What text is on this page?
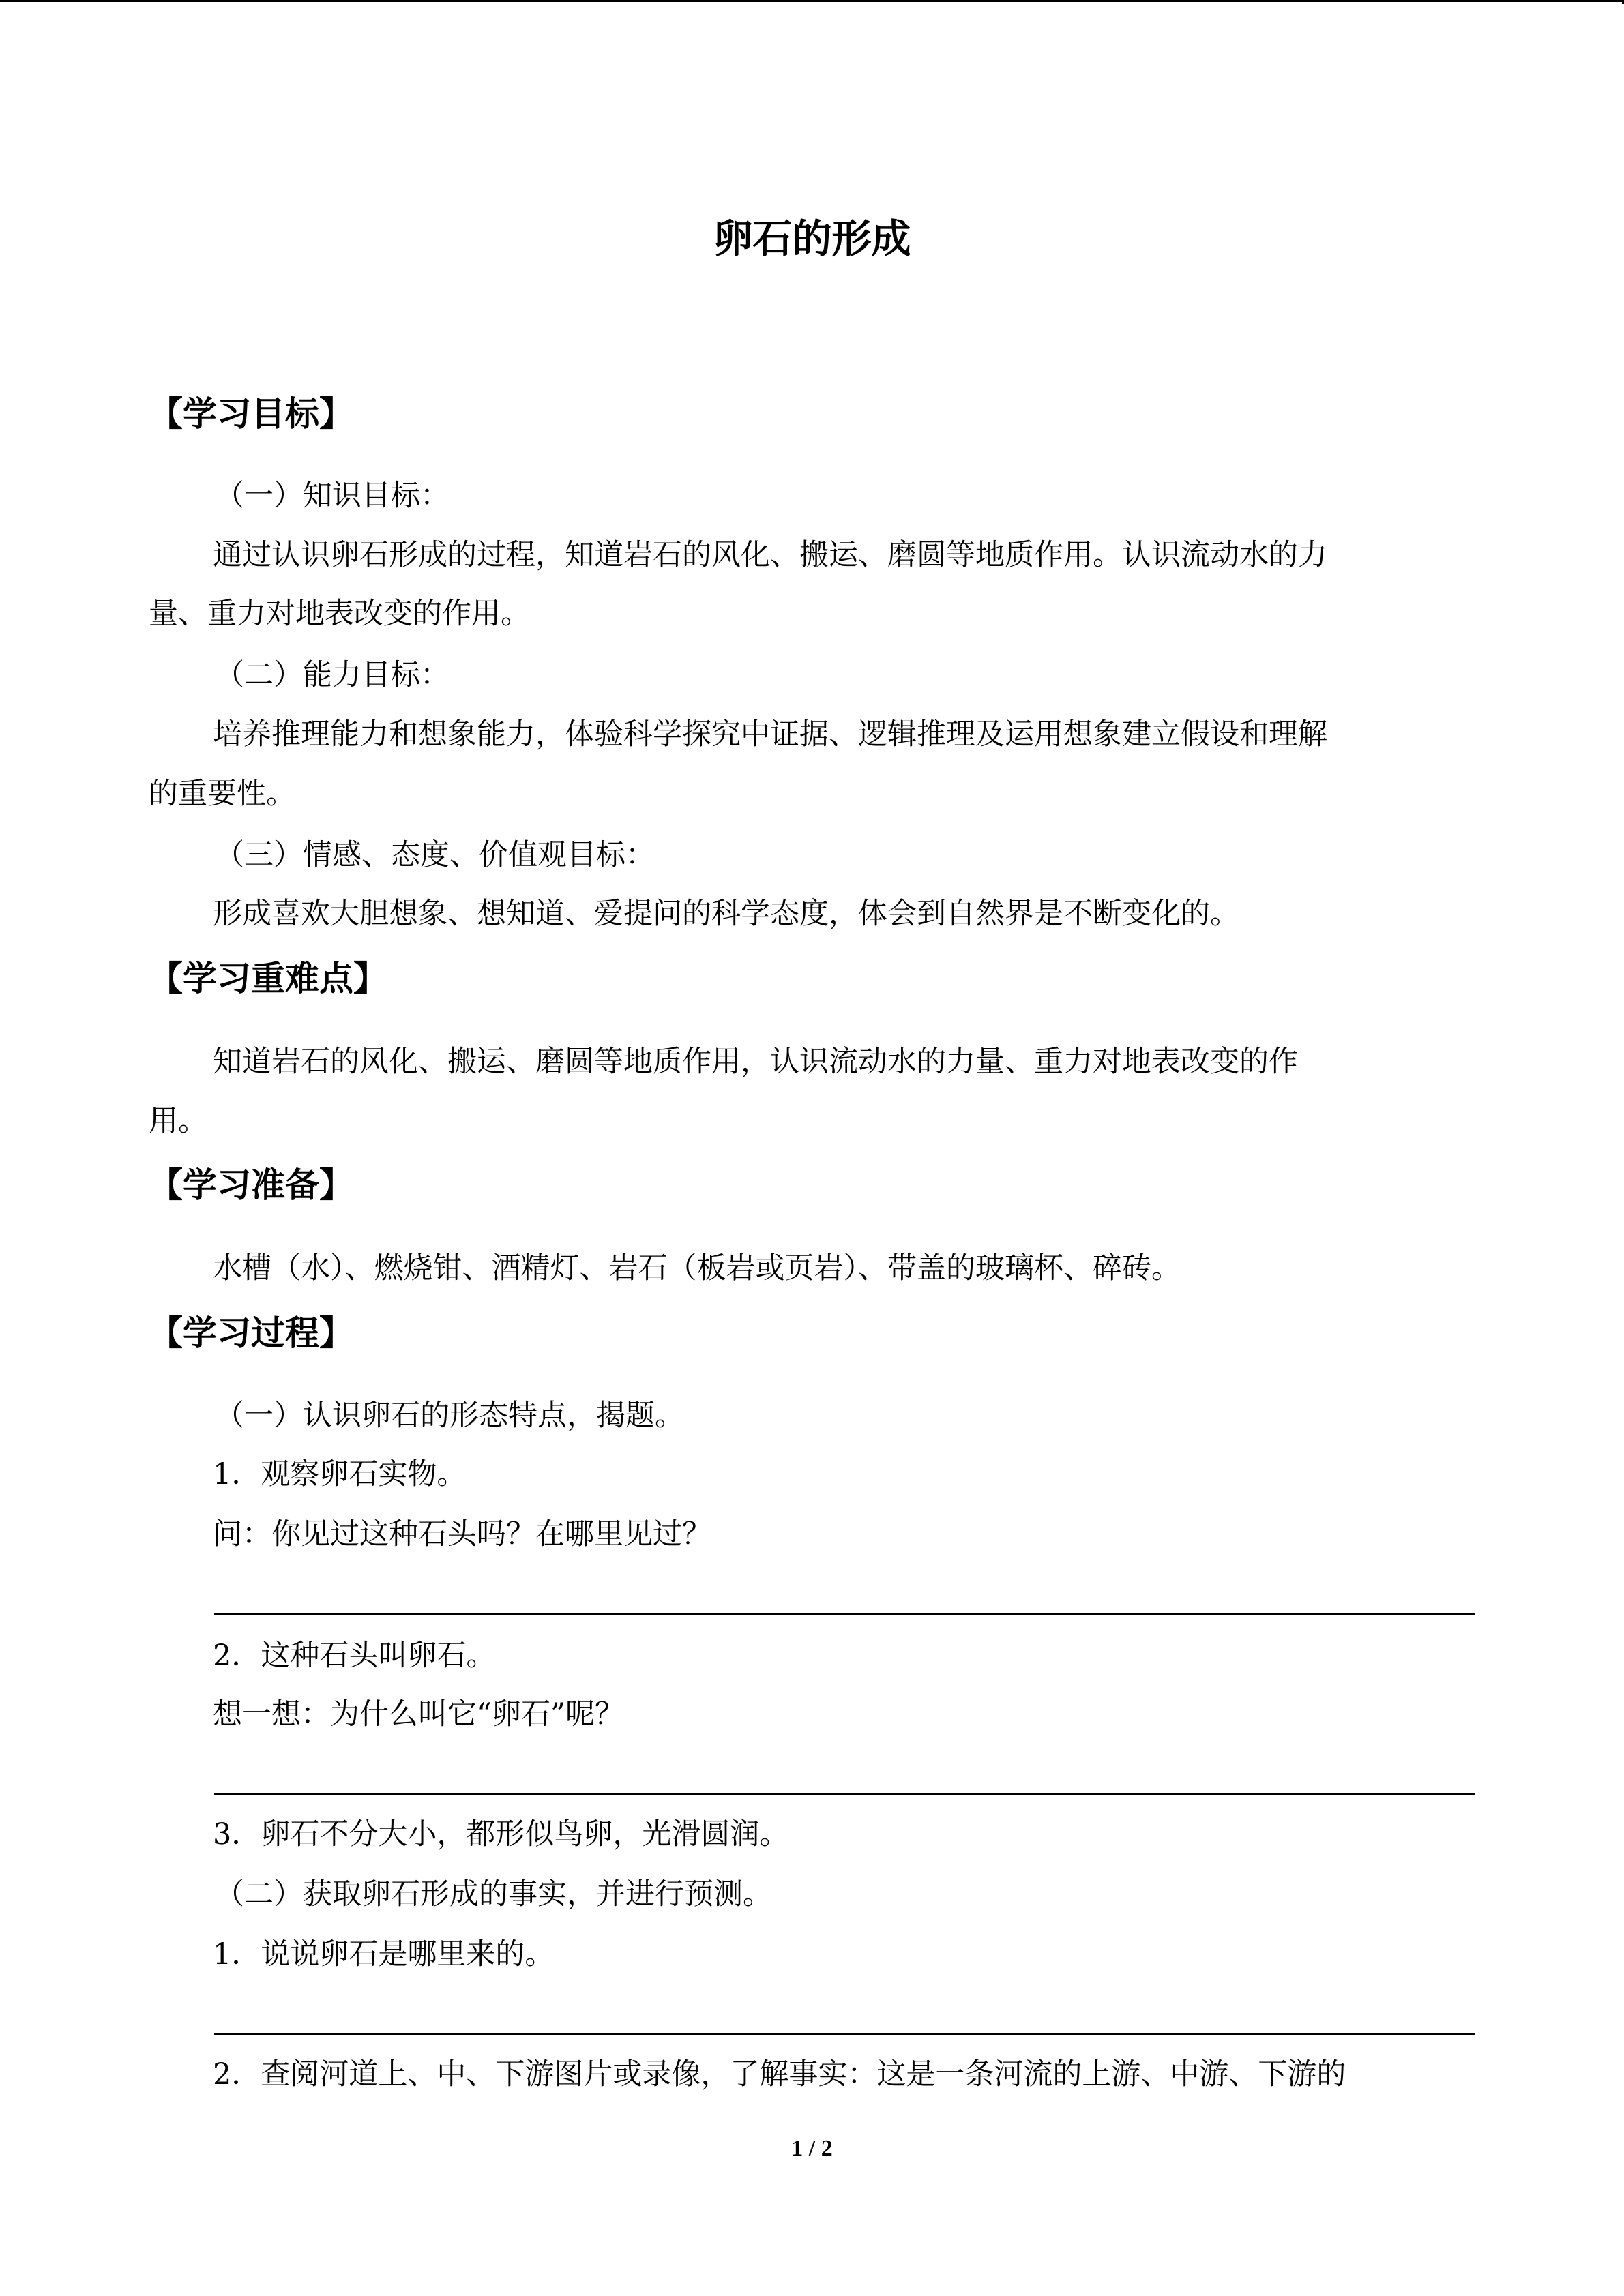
卵石的形成
【学习目标】
（一）知识目标：
通过认识卵石形成的过程，知道岩石的风化、搬运、磨圆等地质作用。认识流动水的力
量、重力对地表改变的作用。
（二）能力目标：
培养推理能力和想象能力，体验科学探究中证据、逻辑推理及运用想象建立假设和理解
的重要性。
（三）情感、态度、价值观目标：
形成喜欢大胆想象、想知道、爱提问的科学态度，体会到自然界是不断变化的。
【学习重难点】
知道岩石的风化、搬运、磨圆等地质作用，认识流动水的力量、重力对地表改变的作
用。
【学习准备】
水槽（水）、燃烧钳、酒精灯、岩石（板岩或页岩）、带盖的玻璃杯、碎砖。
【学习过程】
（一）认识卵石的形态特点，揭题。
1．观察卵石实物。
问：你见过这种石头吗？在哪里见过？
2．这种石头叫卵石。
想一想：为什么叫它“卵石”呢？
3．卵石不分大小，都形似鸟卵，光滑圆润。
（二）获取卵石形成的事实，并进行预测。
1．说说卵石是哪里来的。
2．查阅河道上、中、下游图片或录像，了解事实：这是一条河流的上游、中游、下游的
1 / 2
